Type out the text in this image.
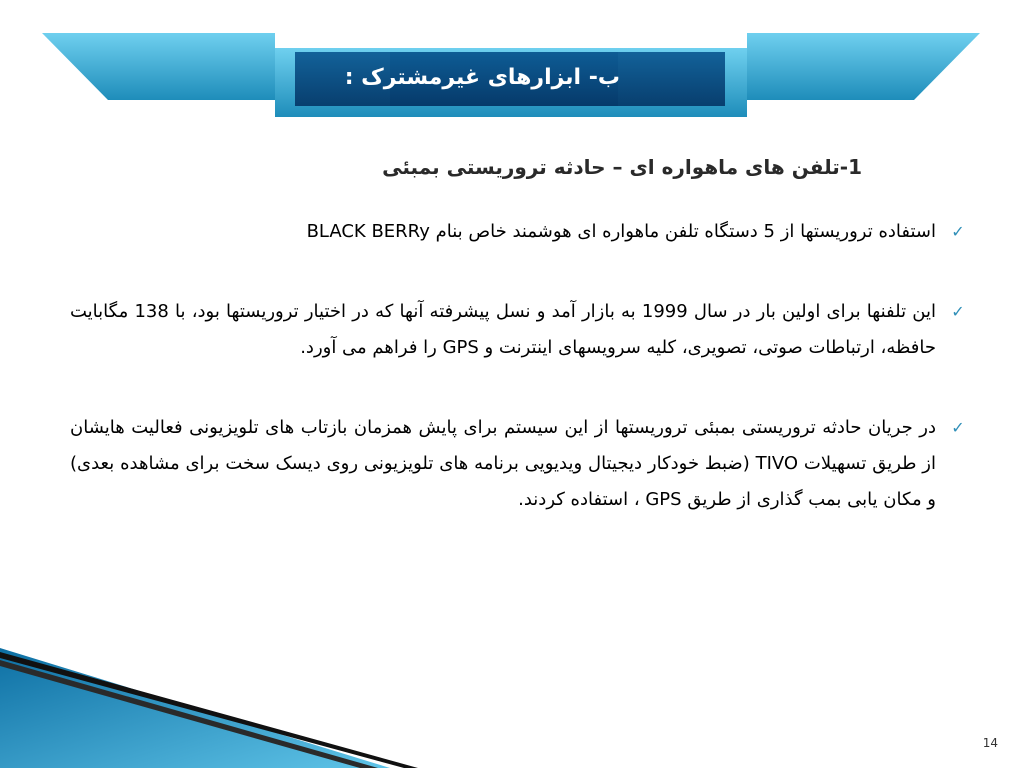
ب- ابزارهای غیرمشترک :
1-تلفن های ماهواره ای – حادثه تروریستی بمبئی
✓
استفاده تروریستها از 5 دستگاه تلفن ماهواره ای هوشمند خاص بنام BLACK BERRy
✓
این تلفنها برای اولین بار در سال 1999 به بازار آمد و نسل پیشرفته آنها که در اختیار تروریستها بود، با 138 مگابایت حافظه، ارتباطات صوتی، تصویری، کلیه سرویسهای اینترنت و GPS را فراهم می آورد.
✓
در جریان حادثه تروریستی بمبئی تروریستها از این سیستم برای پایش همزمان بازتاب های تلویزیونی فعالیت هایشان از طریق تسهیلات TIVO (ضبط خودکار دیجیتال ویدیویی برنامه های تلویزیونی روی دیسک سخت برای مشاهده بعدی) و مکان یابی بمب گذاری از طریق GPS ، استفاده کردند.
14
